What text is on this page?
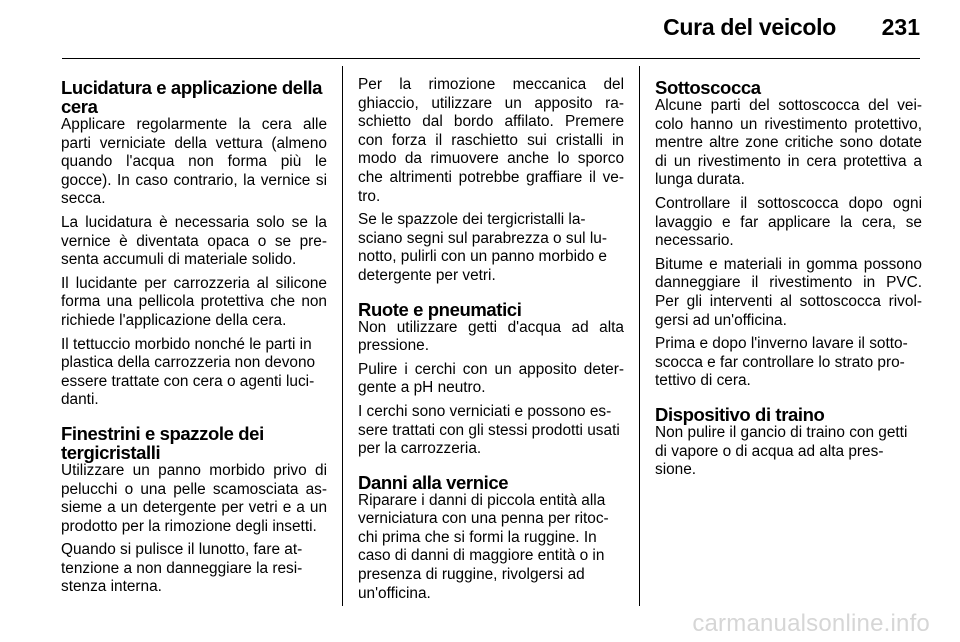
Cura del veicolo 231
Lucidatura e applicazione della cera

Applicare regolarmente la cera alle parti verniciate della vettura (almeno quando l'acqua non forma più le gocce). In caso contrario, la vernice si secca.

La lucidatura è necessaria solo se la vernice è diventata opaca o se pre-senta accumuli di materiale solido.

Il lucidante per carrozzeria al silicone forma una pellicola protettiva che non richiede l'applicazione della cera.

Il tettuccio morbido nonché le parti in plastica della carrozzeria non devono essere trattate con cera o agenti luci-danti.

Finestrini e spazzole dei tergicristalli

Utilizzare un panno morbido privo di pelucchi o una pelle scamosciata as-sieme a un detergente per vetri e a un prodotto per la rimozione degli insetti.

Quando si pulisce il lunotto, fare at-tenzione a non danneggiare la resi-stenza interna.

Per la rimozione meccanica del ghiaccio, utilizzare un apposito ra-schietto dal bordo affilato. Premere con forza il raschietto sui cristalli in modo da rimuovere anche lo sporco che altrimenti potrebbe graffiare il ve-tro.

Se le spazzole dei tergicristalli la-sciano segni sul parabrezza o sul lu-notto, pulirli con un panno morbido e detergente per vetri.

Ruote e pneumatici

Non utilizzare getti d'acqua ad alta pressione.

Pulire i cerchi con un apposito deter-gente a pH neutro.

I cerchi sono verniciati e possono es-sere trattati con gli stessi prodotti usati per la carrozzeria.

Danni alla vernice

Riparare i danni di piccola entità alla verniciatura con una penna per ritoc-chi prima che si formi la ruggine. In caso di danni di maggiore entità o in presenza di ruggine, rivolgersi ad un'officina.

Sottoscocca

Alcune parti del sottoscocca del vei-colo hanno un rivestimento protettivo, mentre altre zone critiche sono dotate di un rivestimento in cera protettiva a lunga durata.

Controllare il sottoscocca dopo ogni lavaggio e far applicare la cera, se necessario.

Bitume e materiali in gomma possono danneggiare il rivestimento in PVC. Per gli interventi al sottoscocca rivol-gersi ad un'officina.

Prima e dopo l'inverno lavare il sotto-scocca e far controllare lo strato pro-tettivo di cera.

Dispositivo di traino

Non pulire il gancio di traino con getti di vapore o di acqua ad alta pres-sione.

carmanualsonline.info
